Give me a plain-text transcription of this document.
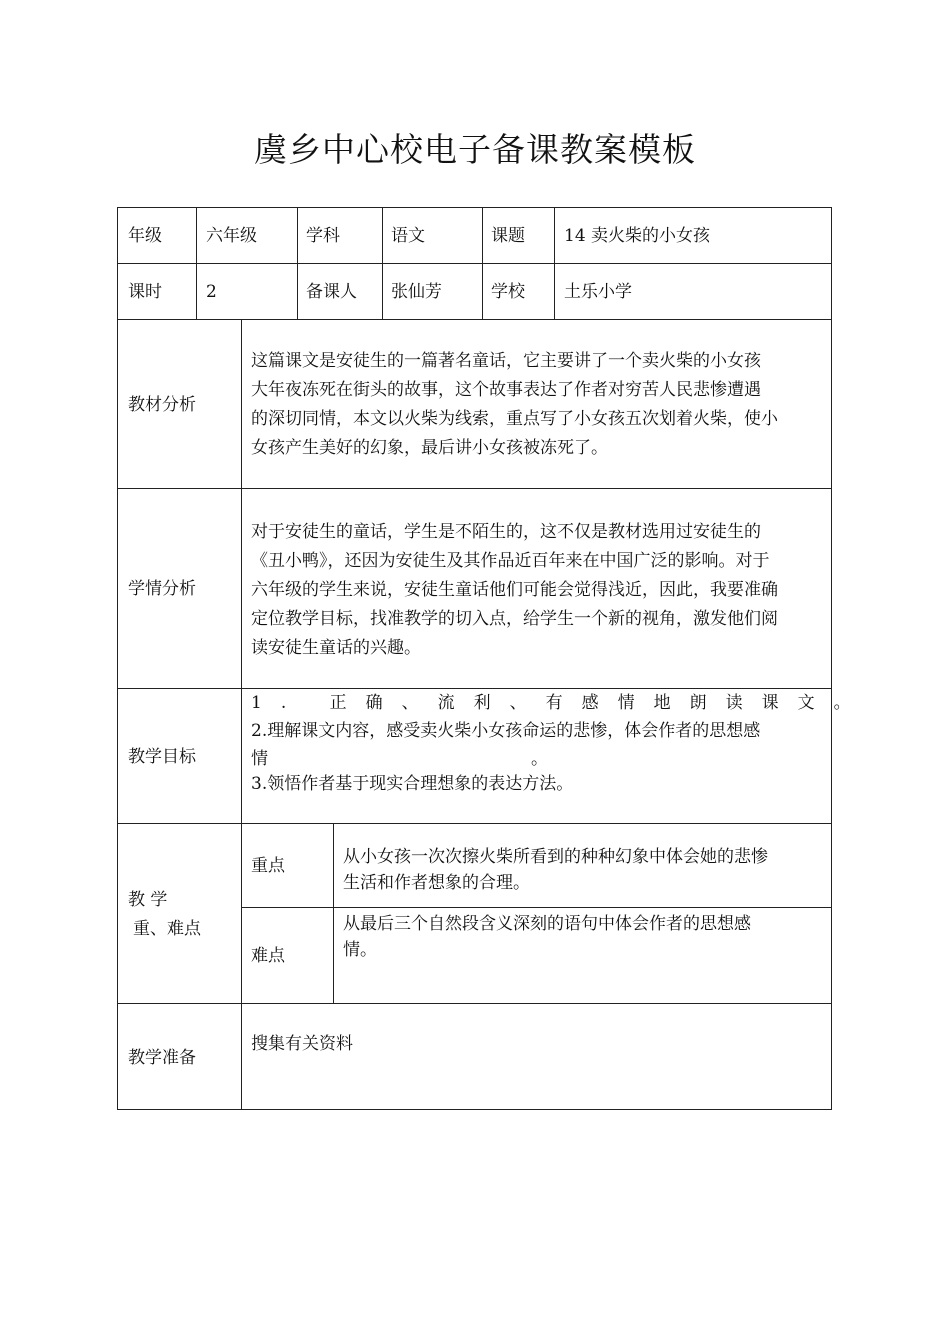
虞乡中心校电子备课教案模板
年级	六年级	学科	语文	课题 14 卖火柴的小女孩
课时	2	备课人 张仙芳	学校 土乐小学
教材分析
这篇课文是安徒生的一篇著名童话，它主要讲了一个卖火柴的小女孩
大年夜冻死在街头的故事，这个故事表达了作者对穷苦人民悲惨遭遇
的深切同情，本文以火柴为线索，重点写了小女孩五次划着火柴，使小
女孩产生美好的幻象，最后讲小女孩被冻死了。
学情分析
对于安徒生的童话，学生是不陌生的，这不仅是教材选用过安徒生的
《丑小鸭》，还因为安徒生及其作品近百年来在中国广泛的影响。对于
六年级的学生来说，安徒生童话他们可能会觉得浅近，因此，我要准确
定位教学目标，找准教学的切入点，给学生一个新的视角，激发他们阅
读安徒生童话的兴趣。
教学目标
1. 正确、流利、有感情地朗读课文。
2.理解课文内容，感受卖火柴小女孩命运的悲惨，体会作者的思想感
情	。
3.领悟作者基于现实合理想象的表达方法。
教 学
重、难点
重点	从小女孩一次次擦火柴所看到的种种幻象中体会她的悲惨
生活和作者想象的合理。
难点
从最后三个自然段含义深刻的语句中体会作者的思想感
情。
教学准备
搜集有关资料
